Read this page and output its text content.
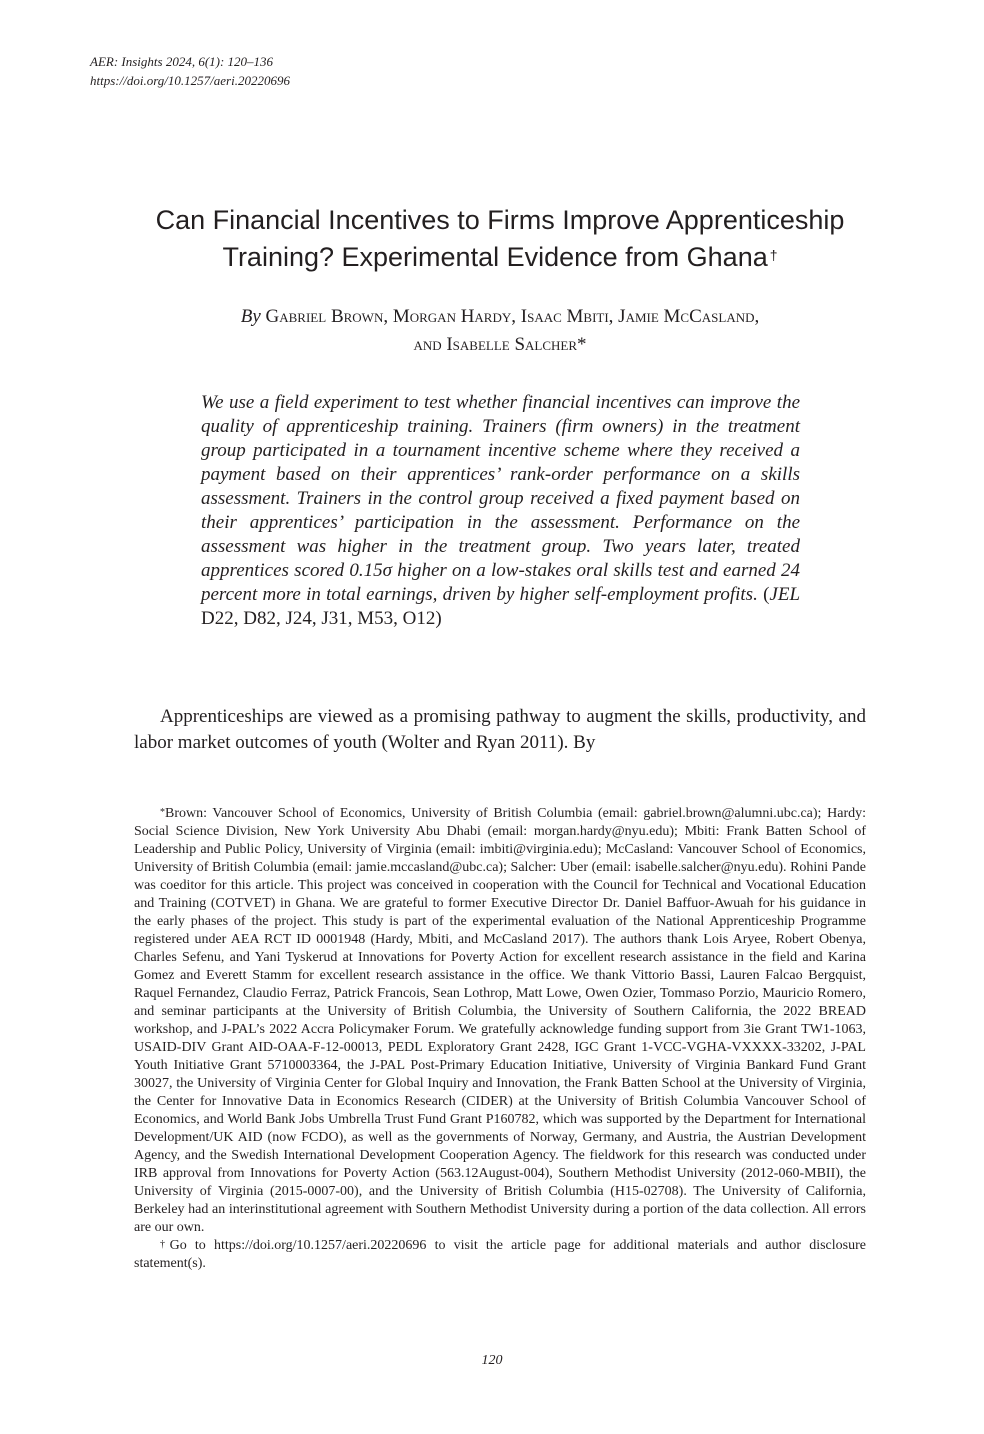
AER: Insights 2024, 6(1): 120–136
https://doi.org/10.1257/aeri.20220696
Can Financial Incentives to Firms Improve Apprenticeship
Training? Experimental Evidence from Ghana †
By Gabriel Brown, Morgan Hardy, Isaac Mbiti, Jamie McCasland,
and Isabelle Salcher*
We use a field experiment to test whether financial incentives can improve the quality of apprenticeship training. Trainers (firm owners) in the treatment group participated in a tournament incentive scheme where they received a payment based on their apprentices’ rank-order performance on a skills assessment. Trainers in the control group received a fixed payment based on their apprentices’ participation in the assessment. Performance on the assessment was higher in the treatment group. Two years later, treated apprentices scored 0.15σ higher on a low-stakes oral skills test and earned 24 percent more in total earnings, driven by higher self-employment profits. (JEL D22, D82, J24, J31, M53, O12)

Apprenticeships are viewed as a promising pathway to augment the skills, productivity, and labor market outcomes of youth (Wolter and Ryan 2011). By

*Brown: Vancouver School of Economics, University of British Columbia (email: gabriel.brown@alumni.ubc.ca); Hardy: Social Science Division, New York University Abu Dhabi (email: morgan.hardy@nyu.edu); Mbiti: Frank Batten School of Leadership and Public Policy, University of Virginia (email: imbiti@virginia.edu); McCasland: Vancouver School of Economics, University of British Columbia (email: jamie.mccasland@ubc.ca); Salcher: Uber (email: isabelle.salcher@nyu.edu). Rohini Pande was coeditor for this article. This project was conceived in cooperation with the Council for Technical and Vocational Education and Training (COTVET) in Ghana. We are grateful to former Executive Director Dr. Daniel Baffuor-Awuah for his guidance in the early phases of the project. This study is part of the experimental evaluation of the National Apprenticeship Programme registered under AEA RCT ID 0001948 (Hardy, Mbiti, and McCasland 2017). The authors thank Lois Aryee, Robert Obenya, Charles Sefenu, and Yani Tyskerud at Innovations for Poverty Action for excellent research assistance in the field and Karina Gomez and Everett Stamm for excellent research assistance in the office. We thank Vittorio Bassi, Lauren Falcao Bergquist, Raquel Fernandez, Claudio Ferraz, Patrick Francois, Sean Lothrop, Matt Lowe, Owen Ozier, Tommaso Porzio, Mauricio Romero, and seminar participants at the University of British Columbia, the University of Southern California, the 2022 BREAD workshop, and J-PAL’s 2022 Accra Policymaker Forum. We gratefully acknowledge funding support from 3ie Grant TW1-1063, USAID-DIV Grant AID-OAA-F-12-00013, PEDL Exploratory Grant 2428, IGC Grant 1-VCC-VGHA-VXXXX-33202, J-PAL Youth Initiative Grant 5710003364, the J-PAL Post-Primary Education Initiative, University of Virginia Bankard Fund Grant 30027, the University of Virginia Center for Global Inquiry and Innovation, the Frank Batten School at the University of Virginia, the Center for Innovative Data in Economics Research (CIDER) at the University of British Columbia Vancouver School of Economics, and World Bank Jobs Umbrella Trust Fund Grant P160782, which was supported by the Department for International Development/UK AID (now FCDO), as well as the governments of Norway, Germany, and Austria, the Austrian Development Agency, and the Swedish International Development Cooperation Agency. The fieldwork for this research was conducted under IRB approval from Innovations for Poverty Action (563.12August-004), Southern Methodist University (2012-060-MBII), the University of Virginia (2015-0007-00), and the University of British Columbia (H15-02708). The University of California, Berkeley had an interinstitutional agreement with Southern Methodist University during a portion of the data collection. All errors are our own.

†Go to https://doi.org/10.1257/aeri.20220696 to visit the article page for additional materials and author disclosure statement(s).

120
